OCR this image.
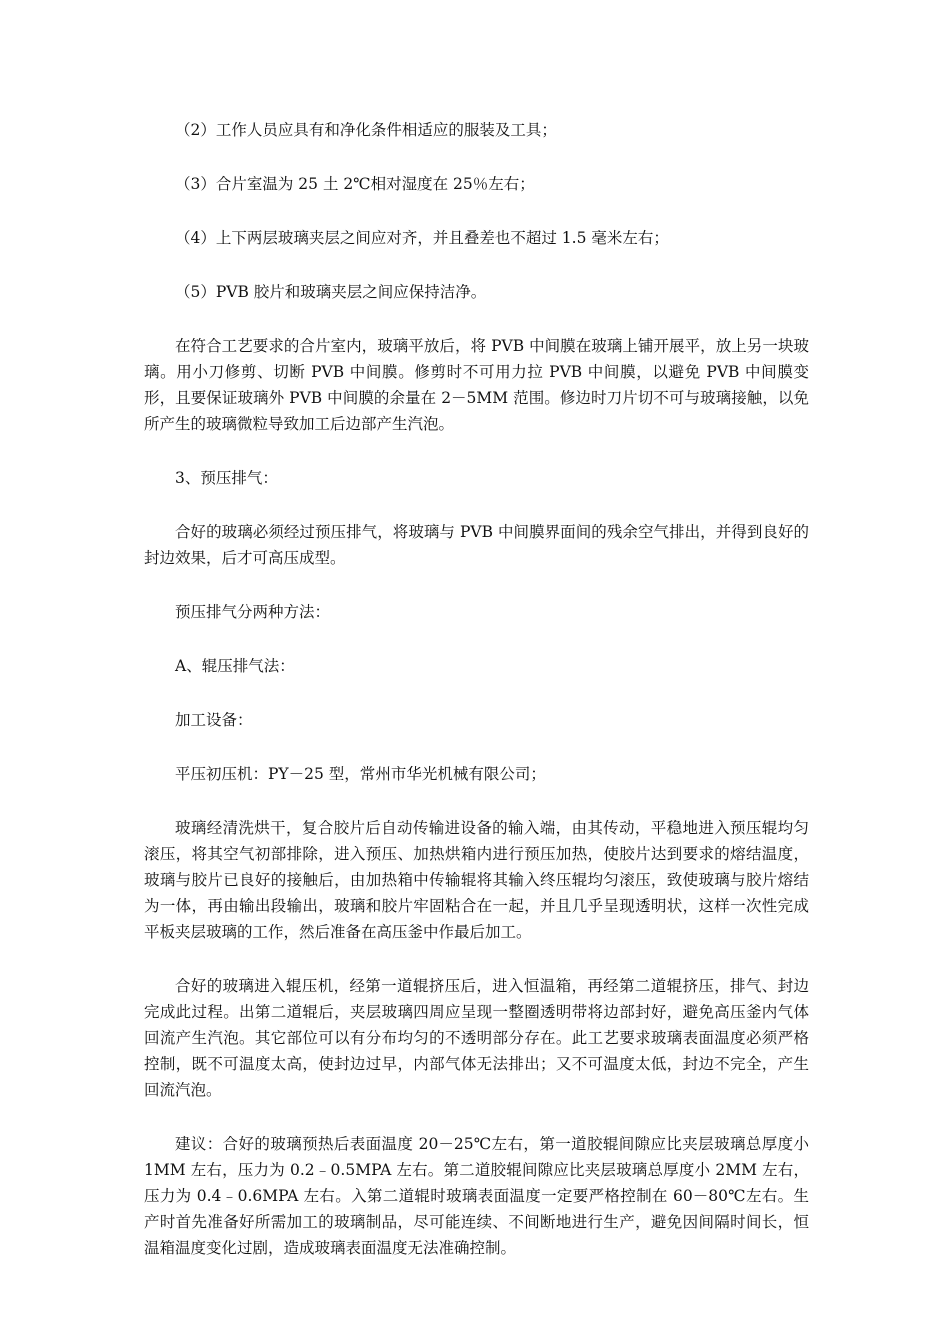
（2）工作人员应具有和净化条件相适应的服装及工具；

（3）合片室温为 25 土 2℃相对湿度在 25％左右；

（4）上下两层玻璃夹层之间应对齐，并且叠差也不超过 1.5 毫米左右；

（5）PVB 胶片和玻璃夹层之间应保持洁净。

在符合工艺要求的合片室内，玻璃平放后，将 PVB 中间膜在玻璃上铺开展平，放上另一块玻璃。用小刀修剪、切断 PVB 中间膜。修剪时不可用力拉 PVB 中间膜，以避免 PVB 中间膜变形，且要保证玻璃外 PVB 中间膜的余量在 2－5MM 范围。修边时刀片切不可与玻璃接触，以免所产生的玻璃微粒导致加工后边部产生汽泡。

3、预压排气：

合好的玻璃必须经过预压排气，将玻璃与 PVB 中间膜界面间的残余空气排出，并得到良好的封边效果，后才可高压成型。

预压排气分两种方法：

A、辊压排气法：

加工设备：

平压初压机：PY－25 型，常州市华光机械有限公司；

玻璃经清洗烘干，复合胶片后自动传输进设备的输入端，由其传动，平稳地进入预压辊均匀滚压，将其空气初部排除，进入预压、加热烘箱内进行预压加热，使胶片达到要求的熔结温度，玻璃与胶片已良好的接触后，由加热箱中传输辊将其输入终压辊均匀滚压，致使玻璃与胶片熔结为一体，再由输出段输出，玻璃和胶片牢固粘合在一起，并且几乎呈现透明状，这样一次性完成平板夹层玻璃的工作，然后准备在高压釜中作最后加工。

合好的玻璃进入辊压机，经第一道辊挤压后，进入恒温箱，再经第二道辊挤压，排气、封边完成此过程。出第二道辊后，夹层玻璃四周应呈现一整圈透明带将边部封好，避免高压釜内气体回流产生汽泡。其它部位可以有分布均匀的不透明部分存在。此工艺要求玻璃表面温度必须严格控制，既不可温度太高，使封边过早，内部气体无法排出；又不可温度太低，封边不完全，产生回流汽泡。

建议：合好的玻璃预热后表面温度 20－25℃左右，第一道胶辊间隙应比夹层玻璃总厚度小 1MM 左右，压力为 0.2﹣0.5MPA 左右。第二道胶辊间隙应比夹层玻璃总厚度小 2MM 左右，压力为 0.4﹣0.6MPA 左右。入第二道辊时玻璃表面温度一定要严格控制在 60－80℃左右。生产时首先准备好所需加工的玻璃制品，尽可能连续、不间断地进行生产，避免因间隔时间长，恒温箱温度变化过剧，造成玻璃表面温度无法准确控制。
